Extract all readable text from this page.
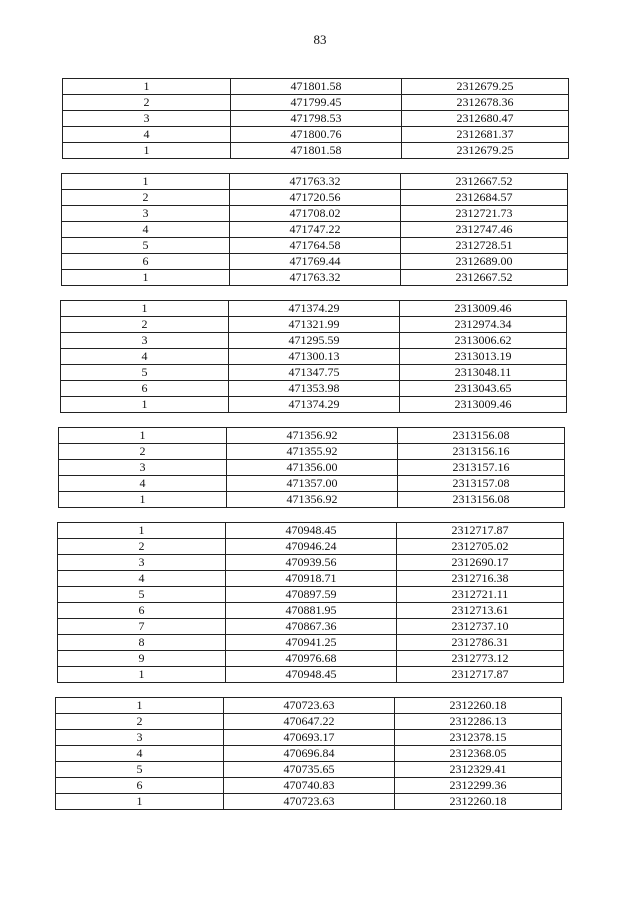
83
1	471801.58	2312679.25
2	471799.45	2312678.36
3	471798.53	2312680.47
4	471800.76	2312681.37
1	471801.58	2312679.25
1	471763.32	2312667.52
2	471720.56	2312684.57
3	471708.02	2312721.73
4	471747.22	2312747.46
5	471764.58	2312728.51
6	471769.44	2312689.00
1	471763.32	2312667.52
1	471374.29	2313009.46
2	471321.99	2312974.34
3	471295.59	2313006.62
4	471300.13	2313013.19
5	471347.75	2313048.11
6	471353.98	2313043.65
1	471374.29	2313009.46
1	471356.92	2313156.08
2	471355.92	2313156.16
3	471356.00	2313157.16
4	471357.00	2313157.08
1	471356.92	2313156.08
1	470948.45	2312717.87
2	470946.24	2312705.02
3	470939.56	2312690.17
4	470918.71	2312716.38
5	470897.59	2312721.11
6	470881.95	2312713.61
7	470867.36	2312737.10
8	470941.25	2312786.31
9	470976.68	2312773.12
1	470948.45	2312717.87
1	470723.63	2312260.18
2	470647.22	2312286.13
3	470693.17	2312378.15
4	470696.84	2312368.05
5	470735.65	2312329.41
6	470740.83	2312299.36
1	470723.63	2312260.18
